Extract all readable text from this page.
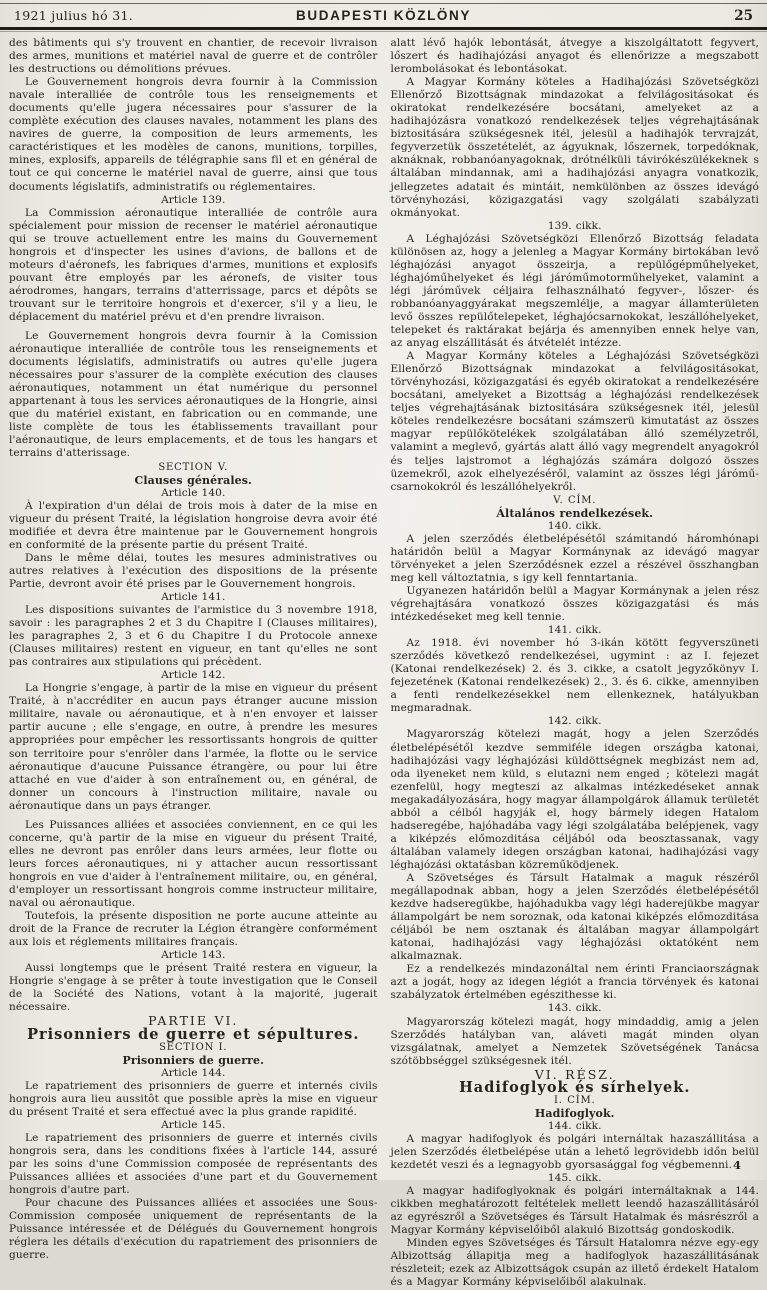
1921 julius hó 31.	BUDAPESTI KÖZLÖNY	25

des bâtiments qui s'y trouvent en chantier, de recevoir livraison des armes, munitions et matériel naval de guerre et de contrôler les destructions ou démolitions prévues.

Le Gouvernement hongrois devra fournir à la Commission navale interalliée de contrôle tous les renseignements et documents qu'elle jugera nécessaires pour s'assurer de la complète exécution des clauses navales, notamment les plans des navires de guerre, la composition de leurs armements, les caractéristiques et les modèles de canons, munitions, torpilles, mines, explosifs, appareils de télégraphie sans fil et en général de tout ce qui concerne le matériel naval de guerre, ainsi que tous documents législatifs, administratifs ou réglementaires.

Article 139.

La Commission aéronautique interalliée de contrôle aura spécialement pour mission de recenser le matériel aéronautique qui se trouve actuellement entre les mains du Gouvernement hongrois et d'inspecter les usines d'avions, de ballons et de moteurs d'aéronefs, les fabriques d'armes, munitions et explosifs pouvant être employés par les aéronefs, de visiter tous aérodromes, hangars, terrains d'atterrissage, parcs et dépôts se trouvant sur le territoire hongrois et d'exercer, s'il y a lieu, le déplacement du matériel prévu et d'en prendre livraison.

Le Gouvernement hongrois devra fournir à la Comission aéronautique interalliée de contrôle tous les renseignements et documents législatifs, administratifs ou autres qu'elle jugera nécessaires pour s'assurer de la complète exécution des clauses aéronautiques, notamment un état numérique du personnel appartenant à tous les services aéronautiques de la Hongrie, ainsi que du matériel existant, en fabrication ou en commande, une liste complète de tous les établissements travaillant pour l'aéronautique, de leurs emplacements, et de tous les hangars et terrains d'atterissage.

SECTION V.

Clauses générales.

Article 140.

À l'expiration d'un délai de trois mois à dater de la mise en vigueur du présent Traité, la législation hongroise devra avoir été modifiée et devra être maintenue par le Gouvernement hongrois en conformité de la présente partie du présent Traité.

Dans le même délai, toutes les mesures administratives ou autres relatives à l'exécution des dispositions de la présente Partie, devront avoir été prises par le Gouvernement hongrois.

Article 141.

Les dispositions suivantes de l'armistice du 3 novembre 1918, savoir : les paragraphes 2 et 3 du Chapitre I (Clauses militaires), les paragraphes 2, 3 et 6 du Chapitre I du Protocole annexe (Clauses militaires) restent en vigueur, en tant qu'elles ne sont pas contraires aux stipulations qui précèdent.

Article 142.

La Hongrie s'engage, à partir de la mise en vigueur du présent Traité, à n'accréditer en aucun pays étranger aucune mission militaire, navale ou aéronautique, et à n'en envoyer et laisser partir aucune ; elle s'engage, en outre, à prendre les mesures appropriées pour empêcher les ressortissants hongrois de quitter son territoire pour s'enrôler dans l'armée, la flotte ou le service aéronautique d'aucune Puissance étrangère, ou pour lui être attaché en vue d'aider à son entraînement ou, en général, de donner un concours à l'instruction militaire, navale ou aéronautique dans un pays étranger.

Les Puissances alliées et associées conviennent, en ce qui les concerne, qu'à partir de la mise en vigueur du présent Traité, elles ne devront pas enrôler dans leurs armées, leur flotte ou leurs forces aéronautiques, ni y attacher aucun ressortissant hongrois en vue d'aider à l'entraînement militaire, ou, en général, d'employer un ressortissant hongrois comme instructeur militaire, naval ou aéronautique.

Toutefois, la présente disposition ne porte aucune atteinte au droit de la France de recruter la Légion étrangère conformément aux lois et réglements militaires français.

Article 143.

Aussi longtemps que le présent Traité restera en vigueur, la Hongrie s'engage à se prêter à toute investigation que le Conseil de la Société des Nations, votant à la majorité, jugerait nécessaire.

PARTIE VI.

Prisonniers de guerre et sépultures.

SECTION I.

Prisonniers de guerre.

Article 144.

Le rapatriement des prisonniers de guerre et internés civils hongrois aura lieu aussitôt que possible après la mise en vigueur du présent Traité et sera effectué avec la plus grande rapidité.

Article 145.

Le rapatriement des prisonniers de guerre et internés civils hongrois sera, dans les conditions fixées à l'article 144, assuré par les soins d'une Commission composée de représentants des Puissances alliées et associées d'une part et du Gouvernement hongrois d'autre part.

Pour chacune des Puissances alliées et associées une Sous-Commission composée uniquement de représentants de la Puissance intéressée et de Délégués du Gouvernement hongrois réglera les détails d'exécution du rapatriement des prisonniers de guerre.

alatt lévő hajók lebontását, átvegye a kiszolgáltatott fegyvert, lőszert és hadihajózási anyagot és ellenőrizze a megszabott lerombolásokat és lebontásokat.

A Magyar Kormány köteles a Hadihajózási Szövetségközi Ellenőrző Bizottságnak mindazokat a felvilágositásokat és okiratokat rendelkezésére bocsátani, amelyeket az a hadihajózásra vonatkozó rendelkezések teljes végrehajtásának biztositására szükségesnek itél, jelesül a hadihajók tervrajzát, fegyverzetük összetételét, az ágyuknak, lőszernek, torpedóknak, aknáknak, robbanóanyagoknak, drótnélküli távirókészülékeknek s általában mindannak, ami a hadihajózási anyagra vonatkozik, jellegzetes adatait és mintáit, nemkülönben az összes idevágó törvényhozási, közigazgatási vagy szolgálati szabályzati okmányokat.

139. cikk.

A Léghajózási Szövetségközi Ellenőrző Bizottság feladata különösen az, hogy a jelenleg a Magyar Kormány birtokában levő léghajózási anyagot összeirja, a repülőgépműhelyeket, léghajóműhelyeket és légi járóműmotorműhelyeket, valamint a légi járóművek céljaira felhasználható fegyver-, lőszer- és robbanóanyaggyárakat megszemlélje, a magyar államterületen levő összes repülőtelepeket, léghajócsarnokokat, leszállóhelyeket, telepeket és raktárakat bejárja és amennyiben ennek helye van, az anyag elszállitását és átvételét intézze.

A Magyar Kormány köteles a Léghajózási Szövetségközi Ellenőrző Bizottságnak mindazokat a felvilágositásokat, törvényhozási, közigazgatási és egyéb okiratokat a rendelkezésére bocsátani, amelyeket a Bizottság a léghajózási rendelkezések teljes végrehajtásának biztositására szükségesnek itél, jelesül köteles rendelkezésre bocsátani számszerü kimutatást az összes magyar repülőkötelékek szolgálatában álló személyzetről, valamint a meglevő, gyártás alatt álló vagy megrendelt anyagokról és teljes lajstromot a léghajózás számára dolgozó összes üzemekről, azok elhelyezéséről, valamint az összes légi járómű-csarnokokról és leszállóhelyekről.

V. CÍM.

Általános rendelkezések.

140. cikk.

A jelen szerződés életbelépésétől számitandó háromhónapi határidőn belül a Magyar Kormánynak az idevágó magyar törvényeket a jelen Szerződésnek ezzel a részével összhangban meg kell változtatnia, s igy kell fenntartania.

Ugyanezen határidőn belül a Magyar Kormánynak a jelen rész végrehajtására vonatkozó összes közigazgatási és más intézkedéseket meg kell tennie.

141. cikk.

Az 1918. évi november hó 3-ikán kötött fegyverszüneti szerződés következő rendelkezései, ugymint : az I. fejezet (Katonai rendelkezések) 2. és 3. cikke, a csatolt jegyzőkönyv I. fejezetének (Katonai rendelkezések) 2., 3. és 6. cikke, amennyiben a fenti rendelkezésekkel nem ellenkeznek, hatályukban megmaradnak.

142. cikk.

Magyarország kötelezi magát, hogy a jelen Szerződés életbelépésétől kezdve semmiféle idegen országba katonai, hadihajózási vagy léghajózási küldöttségnek megbizást nem ad, oda ilyeneket nem küld, s elutazni nem enged ; kötelezi magát ezenfelül, hogy megteszi az alkalmas intézkedéseket annak megakadályozására, hogy magyar állampolgárok államuk területét abból a célból hagyják el, hogy bármely idegen Hatalom hadseregébe, hajóhadába vagy légi szolgálatába belépjenek, vagy a kiképzés előmozditása céljából oda beosztassanak, vagy általában valamely idegen országban katonai, hadihajózási vagy léghajózási oktatásban közreműködjenek.

A Szövetséges és Társult Hatalmak a maguk részéről megállapodnak abban, hogy a jelen Szerződés életbelépésétől kezdve hadseregükbe, hajóhadukba vagy légi haderejükbe magyar állampolgárt be nem soroznak, oda katonai kiképzés előmozditása céljából be nem osztanak és általában magyar állampolgárt katonai, hadihajózási vagy léghajózási oktatóként nem alkalmaznak.

Ez a rendelkezés mindazonáltal nem érinti Franciaországnak azt a jogát, hogy az idegen légiót a francia törvények és katonai szabályzatok értelmében egészithesse ki.

143. cikk.

Magyarország kötelezi magát, hogy mindaddig, amig a jelen Szerződés hatályban van, aláveti magát minden olyan vizsgálatnak, amelyet a Nemzetek Szövetségének Tanácsa szótöbbséggel szükségesnek itél.

VI. RÉSZ.

Hadifoglyok és sírhelyek.

I. CÍM.

Hadifoglyok.

144. cikk.

A magyar hadifoglyok és polgári internáltak hazaszállitása a jelen Szerződés életbelépése után a lehető legrövidebb időn belül kezdetét veszi és a legnagyobb gyorsasággal fog végbemenni.

145. cikk.

A magyar hadifoglyoknak és polgári internáltaknak a 144. cikkben meghatározott feltételek mellett leendő hazaszállitásáról az egyrészről a Szövetséges és Társult Hatalmak és másrészről a Magyar Kormány képviselőiből alakuló Bizottság gondoskodik.

Minden egyes Szövetséges és Társult Hatalomra nézve egy-egy Albizottság állapitja meg a hadifoglyok hazaszállitásának részleteit; ezek az Albizottságok csupán az illető érdekelt Hatalom és a Magyar Kormány képviselőiből alakulnak.

4
